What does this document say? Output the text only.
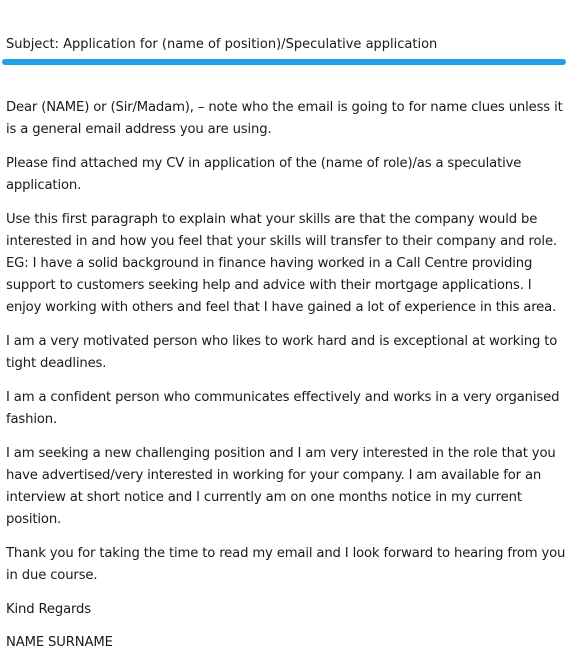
Subject: Application for (name of position)/Speculative application

Dear (NAME) or (Sir/Madam), – note who the email is going to for name clues unless it is a general email address you are using.

Please find attached my CV in application of the (name of role)/as a speculative application.

Use this first paragraph to explain what your skills are that the company would be interested in and how you feel that your skills will transfer to their company and role. EG: I have a solid background in finance having worked in a Call Centre providing support to customers seeking help and advice with their mortgage applications. I enjoy working with others and feel that I have gained a lot of experience in this area.

I am a very motivated person who likes to work hard and is exceptional at working to tight deadlines.

I am a confident person who communicates effectively and works in a very organised fashion.

I am seeking a new challenging position and I am very interested in the role that you have advertised/very interested in working for your company. I am available for an interview at short notice and I currently am on one months notice in my current position.

Thank you for taking the time to read my email and I look forward to hearing from you in due course.

Kind Regards

NAME SURNAME
